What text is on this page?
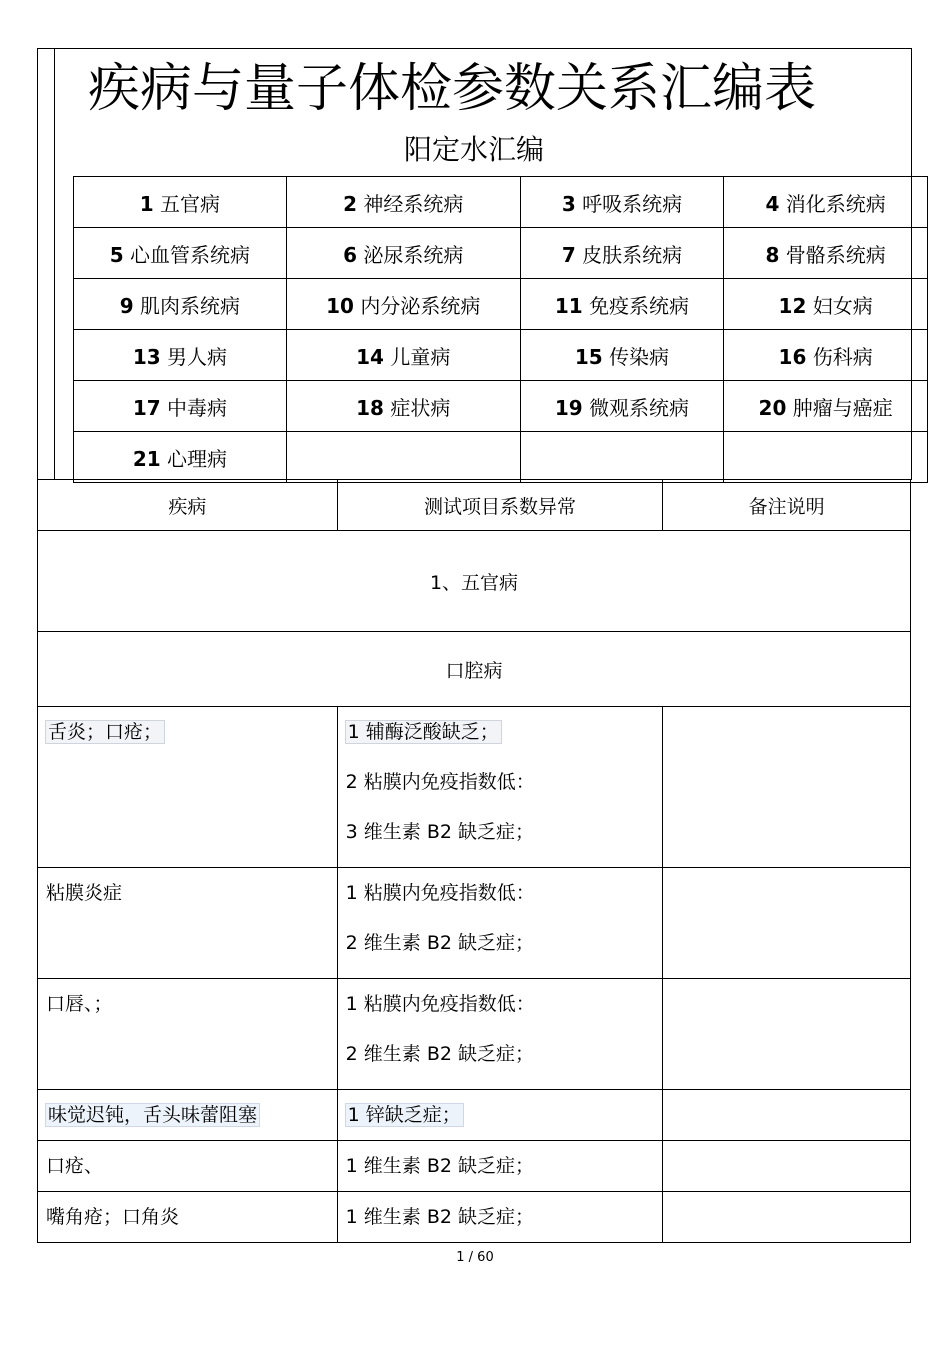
疾病与量子体检参数关系汇编表
阳定水汇编
1 五官病	2 神经系统病	3 呼吸系统病	4 消化系统病
5 心血管系统病	6 泌尿系统病	7 皮肤系统病	8 骨骼系统病
9 肌肉系统病	10 内分泌系统病	11 免疫系统病	12 妇女病
13 男人病	14 儿童病	15 传染病	16 伤科病
17 中毒病	18 症状病	19 微观系统病	20 肿瘤与癌症
21 心理病			
疾病	测试项目系数异常	备注说明
1、五官病		
口腔病		

舌炎；口疮；	1 辅酶泛酸缺乏；
2 粘膜内免疫指数低：
3 维生素 B2 缺乏症；	

粘膜炎症	1 粘膜内免疫指数低：
2 维生素 B2 缺乏症；	

口唇、；	1 粘膜内免疫指数低：
2 维生素 B2 缺乏症；	

味觉迟钝，舌头味蕾阻塞	1 锌缺乏症；	

口疮、	1 维生素 B2 缺乏症；	

嘴角疮；口角炎	1 维生素 B2 缺乏症；	

1 / 60
